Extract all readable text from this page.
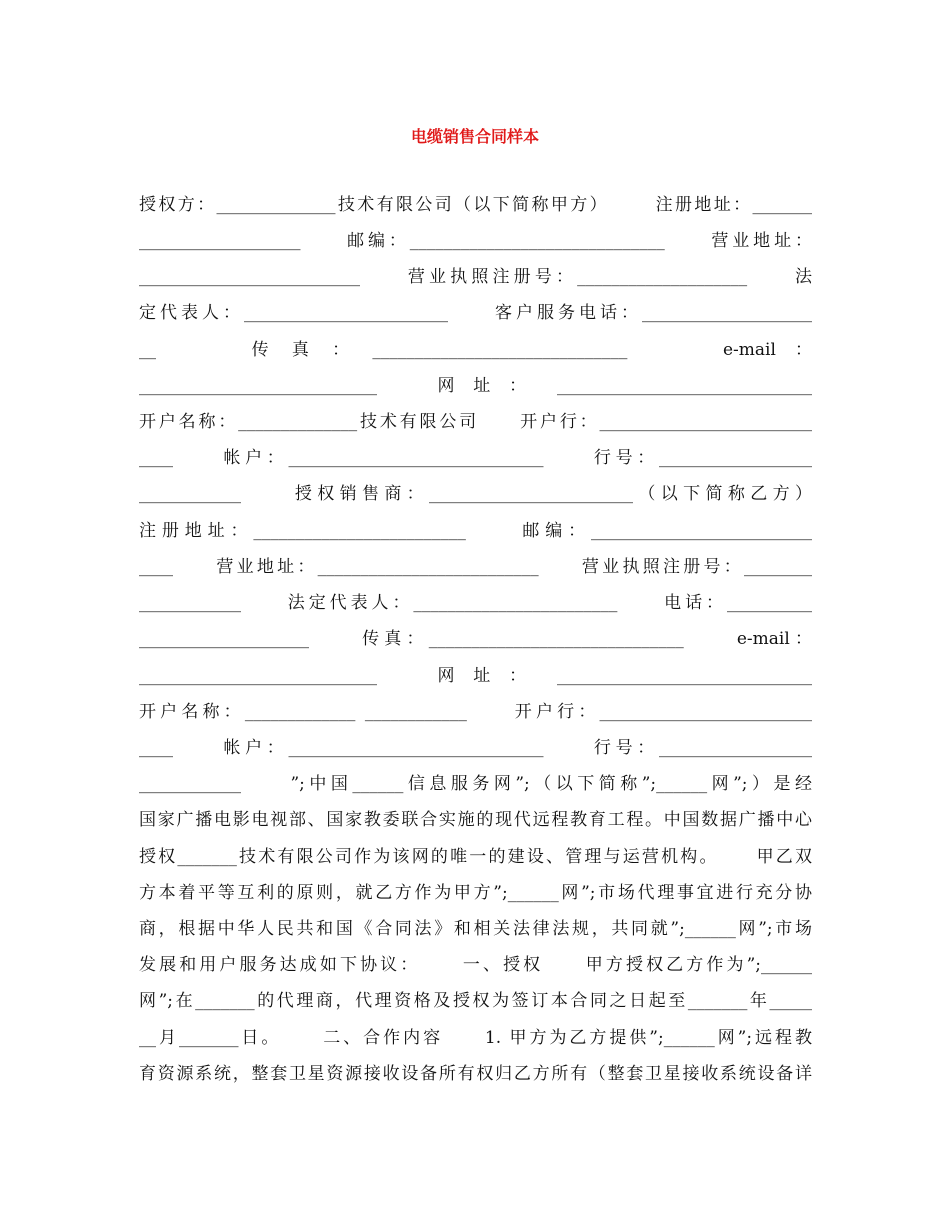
电缆销售合同样本
授权方：______________技术有限公司（以下简称甲方）      注册地址：_______
___________________     邮编：______________________________     营业地址：
__________________________     营业执照注册号：____________________     法
定代表人：________________________     客户服务电话：____________________
__          传  真  ：  ______________________________          e-mail  ：
____________________________     网 址 ：  ______________________________
开户名称：______________技术有限公司     开户行：_________________________
____     帐户：______________________________     行号：__________________
____________     授权销售商：________________________（以下简称乙方）
注册地址：_________________________     邮编：__________________________
____     营业地址：__________________________     营业执照注册号：________
____________     法定代表人：________________________     电话：__________
____________________     传真：______________________________     e-mail：
____________________________     网 址 ：  ______________________________
开户名称：_____________ ____________     开户行：_________________________
____     帐户：______________________________     行号：__________________
____________     ”;中国______信息服务网”;（以下简称”;______网”;）是经
国家广播电影电视部、国家教委联合实施的现代远程教育工程。中国数据广播中心
授权_______技术有限公司作为该网的唯一的建设、管理与运营机构。     甲乙双
方本着平等互利的原则，就乙方作为甲方”;______网”;市场代理事宜进行充分协
商，根据中华人民共和国《合同法》和相关法律法规，共同就”;______网”;市场
发展和用户服务达成如下协议：     一、授权     甲方授权乙方作为”;______
网”;在_______的代理商，代理资格及授权为签订本合同之日起至_______年_____
__月_______日。     二、合作内容     1. 甲方为乙方提供”;______网”;远程教
育资源系统，整套卫星资源接收设备所有权归乙方所有（整套卫星接收系统设备详
